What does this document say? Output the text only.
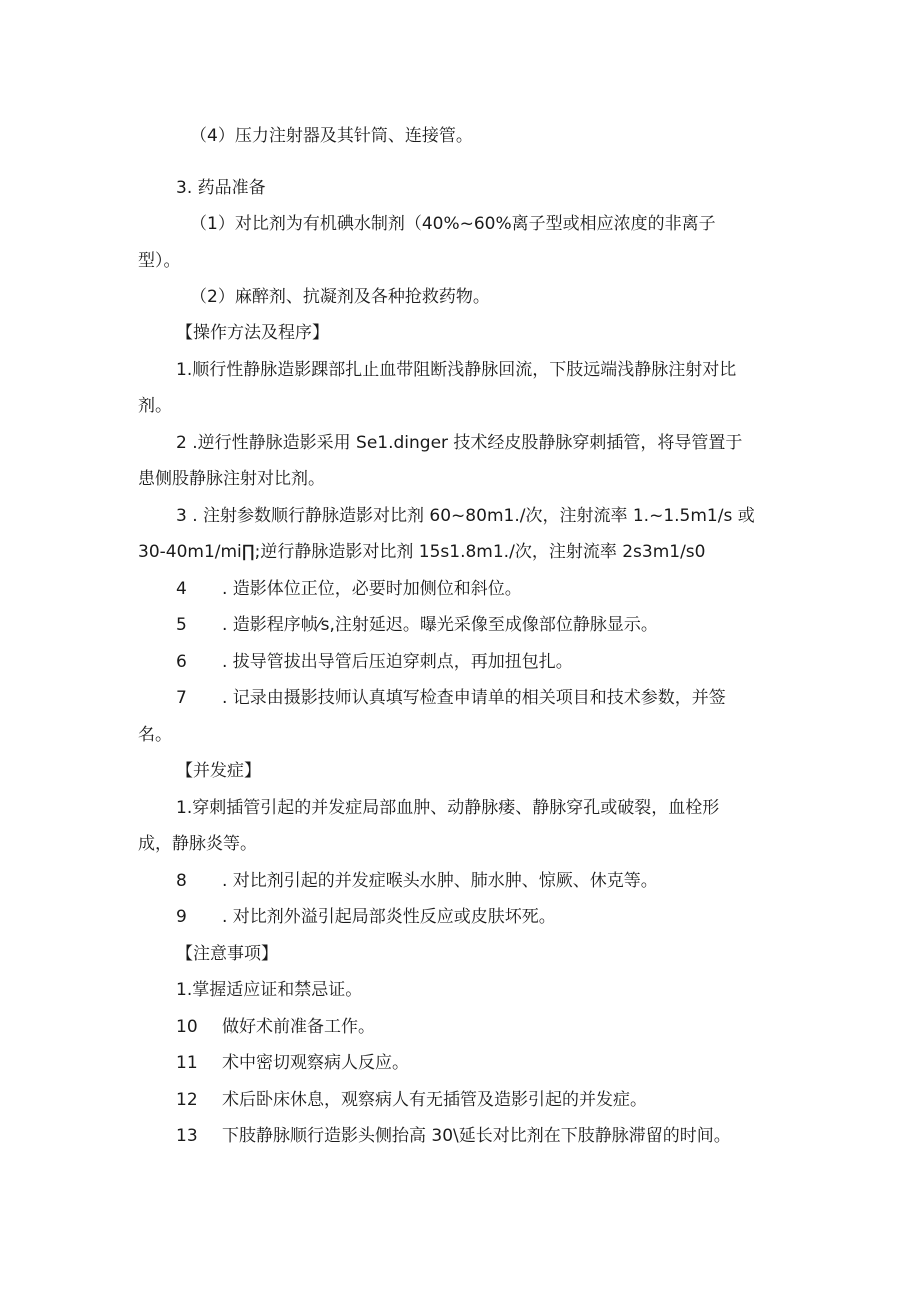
（4）压力注射器及其针筒、连接管。

3. 药品准备

（1）对比剂为有机碘水制剂（40%~60%离子型或相应浓度的非离子

型）。

（2）麻醉剂、抗凝剂及各种抢救药物。

【操作方法及程序】

1.顺行性静脉造影踝部扎止血带阻断浅静脉回流，下肢远端浅静脉注射对比

剂。

2 .逆行性静脉造影采用 Se1.dinger 技术经皮股静脉穿刺插管，将导管置于

患侧股静脉注射对比剂。

3 . 注射参数顺行静脉造影对比剂 60~80m1./次，注射流率 1.~1.5m1∕s 或

30-40m1∕mi∏;逆行静脉造影对比剂 15s1.8m1./次，注射流率 2s3m1∕s0

4 . 造影体位正位，必要时加侧位和斜位。

5 . 造影程序帧⁄s,注射延迟。曝光采像至成像部位静脉显示。

6 . 拔导管拔出导管后压迫穿刺点，再加扭包扎。

7 . 记录由摄影技师认真填写检查申请单的相关项目和技术参数，并签

名。

【并发症】

1.穿刺插管引起的并发症局部血肿、动静脉瘘、静脉穿孔或破裂，血栓形

成，静脉炎等。

8 . 对比剂引起的并发症喉头水肿、肺水肿、惊厥、休克等。

9 . 对比剂外溢引起局部炎性反应或皮肤坏死。

【注意事项】

1.掌握适应证和禁忌证。

10 做好术前准备工作。

11 术中密切观察病人反应。

12 术后卧床休息，观察病人有无插管及造影引起的并发症。

13 下肢静脉顺行造影头侧抬高 30\延长对比剂在下肢静脉滞留的时间。
